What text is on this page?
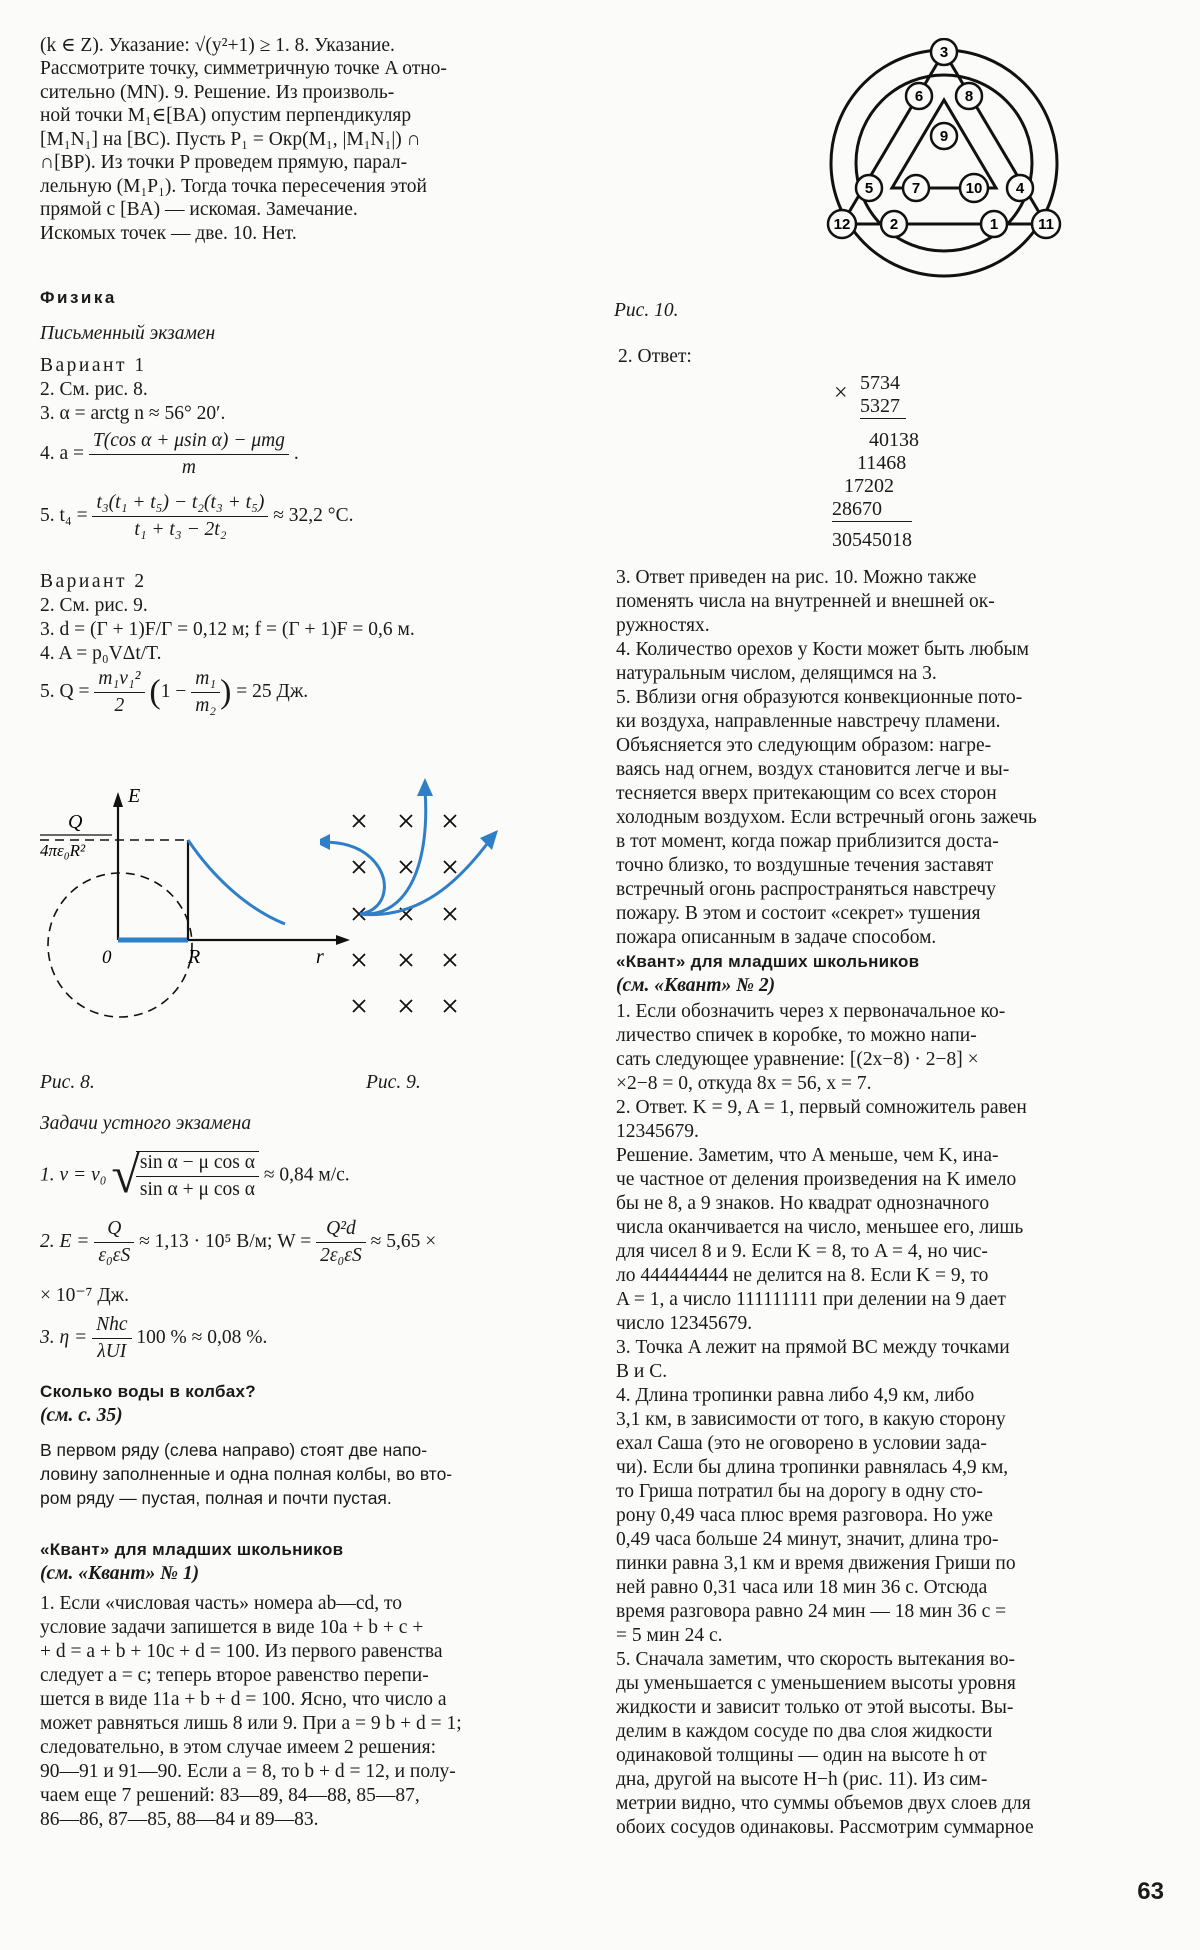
(k ∈ Z). Указание: √(y²+1) ≥ 1. 8. Указание.
Рассмотрите точку, симметричную точке A отно-
сительно (MN). 9. Решение. Из произволь-
ной точки M₁∈[BA) опустим перпендикуляр
[M₁N₁] на [BC). Пусть P₁ = Окр(M₁, |M₁N₁|) ∩
∩[BP). Из точки P проведем прямую, парал-
лельную (M₁P₁). Тогда точка пересечения этой
прямой с [BA) — искомая. Замечание.
Искомых точек — две. 10. Нет.
Физика
Письменный экзамен
Вариант 1
2. См. рис. 8.
3. α = arctg n ≈ 56° 20′.
4. $a = \frac{\text{T(cos α + μsin α) − μmg}}{m}$ .
5. $t_4 = \frac{\text{t₃(t₁ + t₅) − t₂(t₃ + t₅)}}{\text{t₁ + t₃ − 2t₂}} \approx 32,2$ °C.
Вариант 2
2. См. рис. 9.
3. d = (Γ + 1)F/Γ = 0,12 м; f = (Γ + 1)F = 0,6 м.
4. A = p₀VΔt/T.
5. $Q = \frac{\text{m₁v₁²}}{2} (1 - \frac{\text{m₁}}{\text{m₂}}$ ) = 25 Дж.
E
Q
4πε₀R²
0	R	r
Рис. 8.	Рис. 9.
Задачи устного экзамена
1. v = v₀ √
$\frac{\text{sin α − μ cos α}}{\text{sin α + μ cos α}} \approx 0,84$ м/с.
2. $E = \frac{Q}{\text{ε₀εS}} \approx 1,13 \cdot 10^5$ В/м; $W = \frac{\text{Q²d}}{\text{2ε₀εS}} \approx 5,65$ ×
× 10⁻⁷ Дж.
3. $\eta = \frac{\text{Nhc}}{\text{λUI}} 100$ % ≈ 0,08 %.
Сколько воды в колбах?
(см. с. 35)
В первом ряду (слева направо) стоят две напо-
ловину заполненные и одна полная колбы, во вто-
ром ряду — пустая, полная и почти пустая.
«Квант» для младших школьников
(см. «Квант» № 1)
1. Если «числовая часть» номера ab—cd, то
условие задачи запишется в виде 10a + b + c +
+ d = a + b + 10c + d = 100. Из первого равенства
следует a = c; теперь второе равенство перепи-
шется в виде 11a + b + d = 100. Ясно, что число a
может равняться лишь 8 или 9. При a = 9 b + d = 1;
следовательно, в этом случае имеем 2 решения:
90—91 и 91—90. Если a = 8, то b + d = 12, и полу-
чаем еще 7 решений: 83—89, 84—88, 85—87,
86—86, 87—85, 88—84 и 89—83.
3
6	8
9
5	7	10 4
12	2	1	11
Рис. 10.
2. Ответ:
× 5734
5327
40138
11468
17202
28670
30545018
3. Ответ приведен на рис. 10. Можно также
поменять числа на внутренней и внешней ок-
ружностях.
4. Количество орехов у Кости может быть любым
натуральным числом, делящимся на 3.
5. Вблизи огня образуются конвекционные пото-
ки воздуха, направленные навстречу пламени.
Объясняется это следующим образом: нагре-
ваясь над огнем, воздух становится легче и вы-
тесняется вверх притекающим со всех сторон
холодным воздухом. Если встречный огонь зажечь
в тот момент, когда пожар приблизится доста-
точно близко, то воздушные течения заставят
встречный огонь распространяться навстречу
пожару. В этом и состоит «секрет» тушения
пожара описанным в задаче способом.
«Квант» для младших школьников
(см. «Квант» № 2)
1. Если обозначить через x первоначальное ко-
личество спичек в коробке, то можно напи-
сать следующее уравнение: [(2x−8) · 2−8] ×
×2−8 = 0, откуда 8x = 56, x = 7.
2. Ответ. K = 9, A = 1, первый сомножитель равен
12345679.
Решение. Заметим, что A меньше, чем K, ина-
че частное от деления произведения на K имело
бы не 8, а 9 знаков. Но квадрат однозначного
числа оканчивается на число, меньшее его, лишь
для чисел 8 и 9. Если K = 8, то A = 4, но чис-
ло 444444444 не делится на 8. Если K = 9, то
A = 1, а число 111111111 при делении на 9 дает
число 12345679.
3. Точка A лежит на прямой BC между точками
B и C.
4. Длина тропинки равна либо 4,9 км, либо
3,1 км, в зависимости от того, в какую сторону
ехал Саша (это не оговорено в условии зада-
чи). Если бы длина тропинки равнялась 4,9 км,
то Гриша потратил бы на дорогу в одну сто-
рону 0,49 часа плюс время разговора. Но уже
0,49 часа больше 24 минут, значит, длина тро-
пинки равна 3,1 км и время движения Гриши по
ней равно 0,31 часа или 18 мин 36 с. Отсюда
время разговора равно 24 мин — 18 мин 36 с =
= 5 мин 24 с.
5. Сначала заметим, что скорость вытекания во-
ды уменьшается с уменьшением высоты уровня
жидкости и зависит только от этой высоты. Вы-
делим в каждом сосуде по два слоя жидкости
одинаковой толщины — один на высоте h от
дна, другой на высоте H−h (рис. 11). Из сим-
метрии видно, что суммы объемов двух слоев для
обоих сосудов одинаковы. Рассмотрим суммарное
63
